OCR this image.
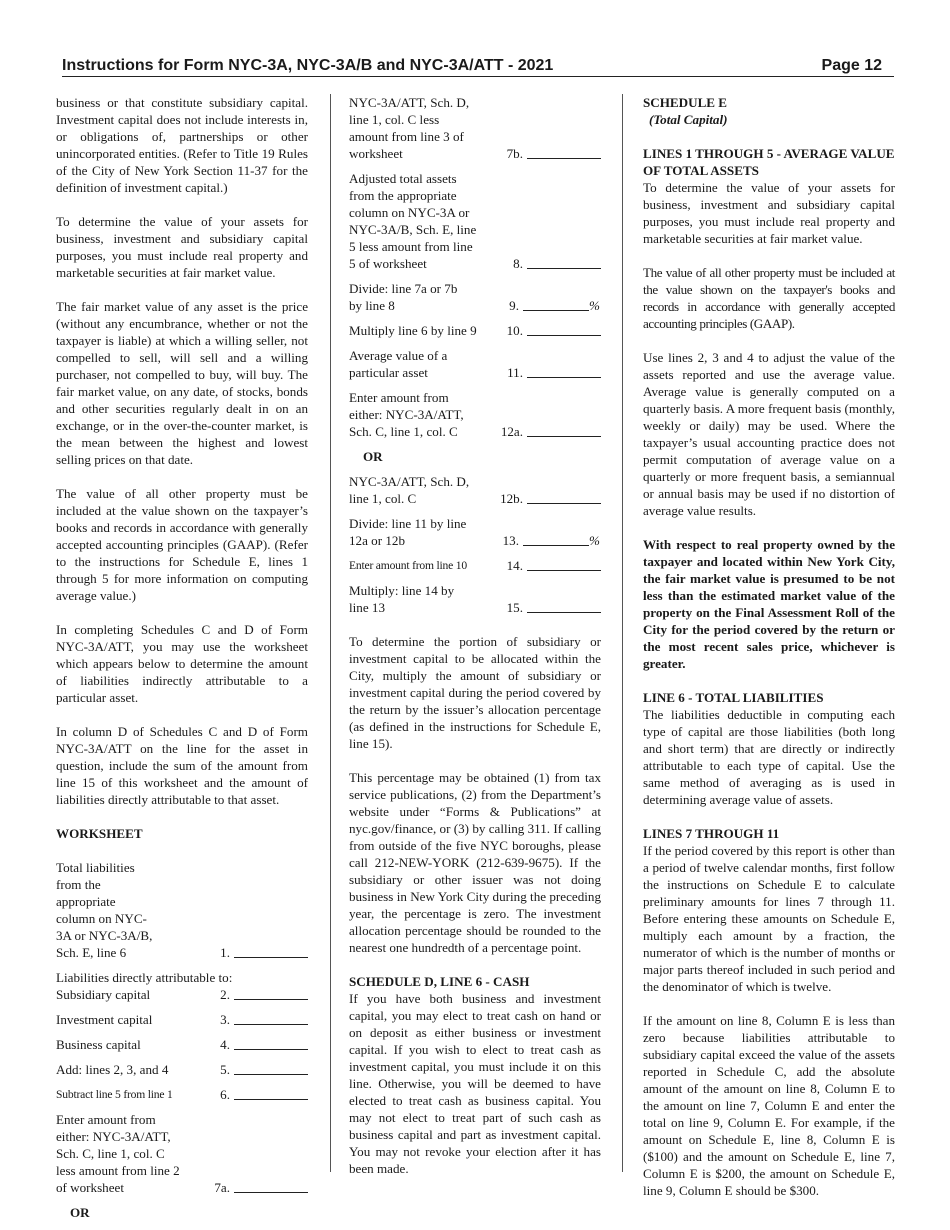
Instructions for Form NYC-3A, NYC-3A/B and NYC-3A/ATT - 2021	Page 12

business or that constitute subsidiary capital. Investment capital does not include interests in, or obligations of, partnerships or other unincorporated entities. (Refer to Title 19 Rules of the City of New York Section 11-37 for the definition of investment capital.)

To determine the value of your assets for business, investment and subsidiary capital purposes, you must include real property and marketable securities at fair market value.

The fair market value of any asset is the price (without any encumbrance, whether or not the taxpayer is liable) at which a willing seller, not compelled to sell, will sell and a willing purchaser, not compelled to buy, will buy. The fair market value, on any date, of stocks, bonds and other securities regularly dealt in on an exchange, or in the over-the-counter market, is the mean between the highest and lowest selling prices on that date.

The value of all other property must be included at the value shown on the taxpayer’s books and records in accordance with generally accepted accounting principles (GAAP). (Refer to the instructions for Schedule E, lines 1 through 5 for more information on computing average value.)

In completing Schedules C and D of Form NYC-3A/ATT, you may use the worksheet which appears below to determine the amount of liabilities indirectly attributable to a particular asset.

In column D of Schedules C and D of Form NYC-3A/ATT on the line for the asset in question, include the sum of the amount from line 15 of this worksheet and the amount of liabilities directly attributable to that asset.

WORKSHEET
Total liabilities from the appropriate column on NYC-3A or NYC-3A/B, Sch. E, line 6	1.
Liabilities directly attributable to:
Subsidiary capital	2.
Investment capital	3.
Business capital	4.
Add: lines 2, 3, and 4	5.
Subtract line 5 from line 1	6.
Enter amount from either: NYC-3A/ATT, Sch. C, line 1, col. C less amount from line 2 of worksheet	7a.
OR
NYC-3A/ATT, Sch. D, line 1, col. C less amount from line 3 of worksheet	7b.
Adjusted total assets from the appropriate column on NYC-3A or NYC-3A/B, Sch. E, line 5 less amount from line 5 of worksheet	8.
Divide: line 7a or 7b by line 8	9.	%
Multiply line 6 by line 9	10.
Average value of a particular asset	11.
Enter amount from either: NYC-3A/ATT, Sch. C, line 1, col. C	12a.
OR
NYC-3A/ATT, Sch. D, line 1, col. C	12b.
Divide: line 11 by line 12a or 12b	13.	%
Enter amount from line 10	14.
Multiply: line 14 by line 13	15.

To determine the portion of subsidiary or investment capital to be allocated within the City, multiply the amount of subsidiary or investment capital during the period covered by the return by the issuer’s allocation percentage (as defined in the instructions for Schedule E, line 15).

This percentage may be obtained (1) from tax service publications, (2) from the Department’s website under “Forms & Publications” at nyc.gov/finance, or (3) by calling 311. If calling from outside of the five NYC boroughs, please call 212-NEW-YORK (212-639-9675). If the subsidiary or other issuer was not doing business in New York City during the preceding year, the percentage is zero. The investment allocation percentage should be rounded to the nearest one hundredth of a percentage point.

SCHEDULE D, LINE 6 - CASH

If you have both business and investment capital, you may elect to treat cash on hand or on deposit as either business or investment capital. If you wish to elect to treat cash as investment capital, you must include it on this line. Otherwise, you will be deemed to have elected to treat cash as business capital. You may not elect to treat part of such cash as business capital and part as investment capital. You may not revoke your election after it has been made.

SCHEDULE E
(Total Capital)
LINES 1 THROUGH 5 - AVERAGE VALUE OF TOTAL ASSETS

To determine the value of your assets for business, investment and subsidiary capital purposes, you must include real property and marketable securities at fair market value.

The value of all other property must be included at the value shown on the taxpayer's books and records in accordance with generally accepted accounting principles (GAAP).

Use lines 2, 3 and 4 to adjust the value of the assets reported and use the average value. Average value is generally computed on a quarterly basis. A more frequent basis (monthly, weekly or daily) may be used. Where the taxpayer’s usual accounting practice does not permit computation of average value on a quarterly or more frequent basis, a semiannual or annual basis may be used if no distortion of average value results.

With respect to real property owned by the taxpayer and located within New York City, the fair market value is presumed to be not less than the estimated market value of the property on the Final Assessment Roll of the City for the period covered by the return or the most recent sales price, whichever is greater.

LINE 6 - TOTAL LIABILITIES

The liabilities deductible in computing each type of capital are those liabilities (both long and short term) that are directly or indirectly attributable to each type of capital. Use the same method of averaging as is used in determining average value of assets.

LINES 7 THROUGH 11

If the period covered by this report is other than a period of twelve calendar months, first follow the instructions on Schedule E to calculate preliminary amounts for lines 7 through 11. Before entering these amounts on Schedule E, multiply each amount by a fraction, the numerator of which is the number of months or major parts thereof included in such period and the denominator of which is twelve.

If the amount on line 8, Column E is less than zero because liabilities attributable to subsidiary capital exceed the value of the assets reported in Schedule C, add the absolute amount of the amount on line 8, Column E to the amount on line 7, Column E and enter the total on line 9, Column E. For example, if the amount on Schedule E, line 8, Column E is ($100) and the amount on Schedule E, line 7, Column E is $200, the amount on Schedule E, line 9, Column E should be $300.
